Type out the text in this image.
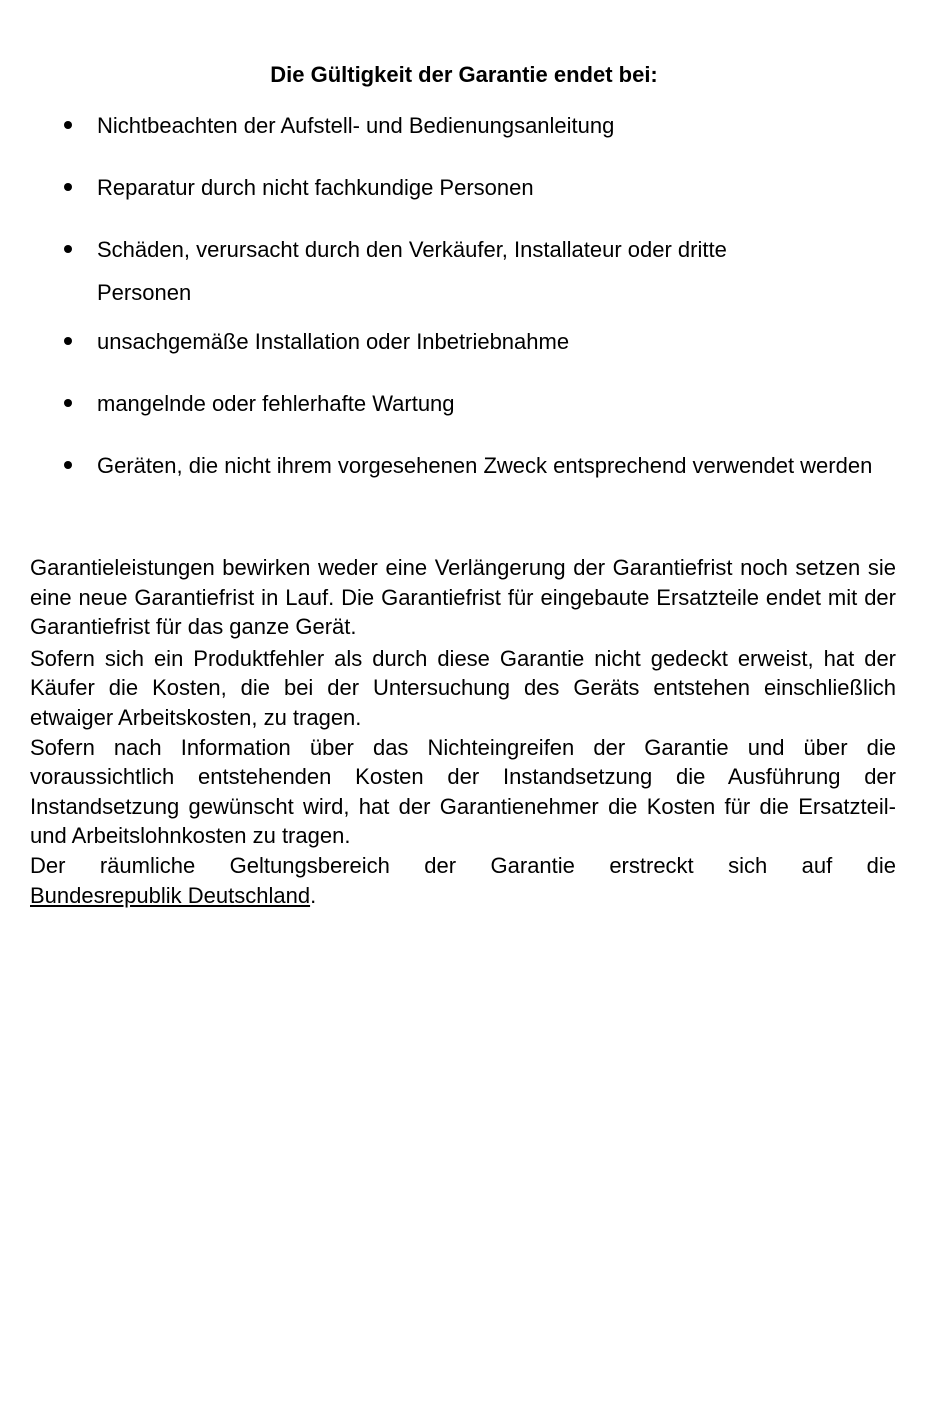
Die Gültigkeit der Garantie endet bei:
Nichtbeachten der Aufstell- und Bedienungsanleitung
Reparatur durch nicht fachkundige Personen
Schäden, verursacht durch den Verkäufer, Installateur oder dritte Personen
unsachgemäße Installation oder Inbetriebnahme
mangelnde oder fehlerhafte Wartung
Geräten, die nicht ihrem vorgesehenen Zweck entsprechend verwendet werden

Garantieleistungen bewirken weder eine Verlängerung der Garantiefrist noch setzen sie eine neue Garantiefrist in Lauf. Die Garantiefrist für eingebaute Ersatzteile endet mit der Garantiefrist für das ganze Gerät.

Sofern sich ein Produktfehler als durch diese Garantie nicht gedeckt erweist, hat der Käufer die Kosten, die bei der Untersuchung des Geräts entstehen einschließlich etwaiger Arbeitskosten, zu tragen.

Sofern nach Information über das Nichteingreifen der Garantie und über die voraussichtlich entstehenden Kosten der Instandsetzung die Ausführung der Instandsetzung gewünscht wird, hat der Garantienehmer die Kosten für die Ersatzteil- und Arbeitslohnkosten zu tragen.

Der räumliche Geltungsbereich der Garantie erstreckt sich auf die

Bundesrepublik Deutschland.
